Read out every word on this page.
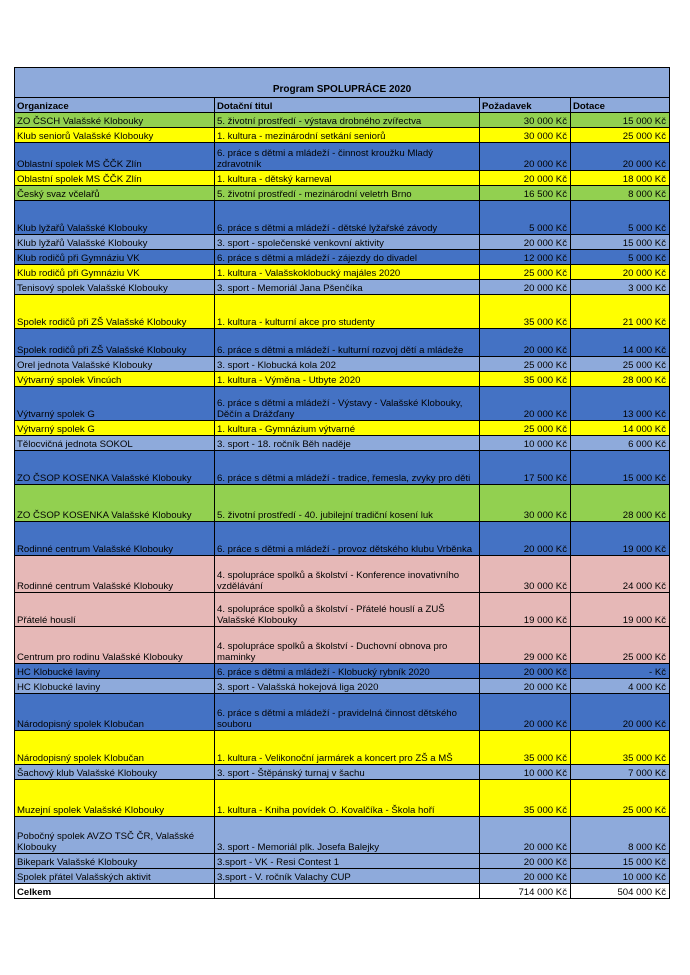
Program SPOLUPRÁCE 2020			
Organizace	Dotační titul	Požadavek	Dotace
ZO ČSCH Valašské Klobouky	5. životní prostředí - výstava drobného zvířectva	30 000 Kč	15 000 Kč
Klub seniorů Valašské Klobouky	1. kultura - mezinárodní setkání seniorů	30 000 Kč	25 000 Kč
Oblastní spolek MS ČČK Zlín	6. práce s dětmi a mládeží - činnost kroužku Mladý zdravotník	20 000 Kč	20 000 Kč
Oblastní spolek MS ČČK Zlín	1. kultura - dětský karneval	20 000 Kč	18 000 Kč
Český svaz včelařů	5. životní prostředí - mezinárodní veletrh Brno	16 500 Kč	8 000 Kč
Klub lyžařů Valašské Klobouky	6. práce s dětmi a mládeží - dětské lyžařské závody	5 000 Kč	5 000 Kč
Klub lyžařů Valašské Klobouky	3. sport - společenské venkovní aktivity	20 000 Kč	15 000 Kč
Klub rodičů při Gymnáziu VK	6. práce s dětmi a mládeží - zájezdy do divadel	12 000 Kč	5 000 Kč
Klub rodičů při Gymnáziu VK	1. kultura - Valašskoklobucký majáles 2020	25 000 Kč	20 000 Kč
Tenisový spolek Valašské Klobouky	3. sport - Memoriál Jana Pšenčíka	20 000 Kč	3 000 Kč
Spolek rodičů při ZŠ Valašské Klobouky	1. kultura - kulturní akce pro studenty	35 000 Kč	21 000 Kč
Spolek rodičů při ZŠ Valašské Klobouky	6. práce s dětmi a mládeží - kulturní rozvoj dětí a mládeže	20 000 Kč	14 000 Kč
Orel jednota Valašské Klobouky	3. sport - Klobucká kola 202	25 000 Kč	25 000 Kč
Výtvarný spolek Vincúch	1. kultura - Výměna - Utbyte 2020	35 000 Kč	28 000 Kč
Výtvarný spolek G	6. práce s dětmi a mládeží - Výstavy - Valašské Klobouky, Děčín a Drážďany	20 000 Kč	13 000 Kč
Výtvarný spolek G	1. kultura - Gymnázium výtvarné	25 000 Kč	14 000 Kč
Tělocvičná jednota SOKOL	3. sport - 18. ročník Běh naděje	10 000 Kč	6 000 Kč
ZO ČSOP KOSENKA Valašské Klobouky	6. práce s dětmi a mládeží - tradice, řemesla, zvyky pro děti	17 500 Kč	15 000 Kč
ZO ČSOP KOSENKA Valašské Klobouky	5. životní prostředí - 40. jubilejní tradiční kosení luk	30 000 Kč	28 000 Kč
Rodinné centrum Valašské Klobouky	6. práce s dětmi a mládeží - provoz dětského klubu Vrběnka	20 000 Kč	19 000 Kč
Rodinné centrum Valašské Klobouky	4. spolupráce spolků a školství - Konference inovativního vzdělávání	30 000 Kč	24 000 Kč
Přátelé houslí	4. spolupráce spolků a školství - Přátelé houslí a ZUŠ Valašské Klobouky	19 000 Kč	19 000 Kč
Centrum pro rodinu Valašské Klobouky	4. spolupráce spolků a školství - Duchovní obnova pro maminky	29 000 Kč	25 000 Kč
HC Klobucké laviny	6. práce s dětmi a mládeží - Klobucký rybník 2020	20 000 Kč	- Kč
HC Klobucké laviny	3. sport - Valašská hokejová liga 2020	20 000 Kč	4 000 Kč
Národopisný spolek Klobučan	6. práce s dětmi a mládeží - pravidelná činnost dětského souboru	20 000 Kč	20 000 Kč
Národopisný spolek Klobučan	1. kultura - Velikonoční jarmárek a koncert pro ZŠ a MŠ	35 000 Kč	35 000 Kč
Šachový klub Valašské Klobouky	3. sport - Štěpánský turnaj v šachu	10 000 Kč	7 000 Kč
Muzejní spolek Valašské Klobouky	1. kultura - Kniha povídek O. Kovalčíka - Škola hoří	35 000 Kč	25 000 Kč
Pobočný spolek AVZO TSČ ČR, Valašské Klobouky	3. sport - Memoriál plk. Josefa Balejky	20 000 Kč	8 000 Kč
Bikepark Valašské Klobouky	3.sport - VK - Resi Contest 1	20 000 Kč	15 000 Kč
Spolek přátel Valašských aktivit	3.sport - V. ročník Valachy CUP	20 000 Kč	10 000 Kč
Celkem		714 000 Kč	504 000 Kč
